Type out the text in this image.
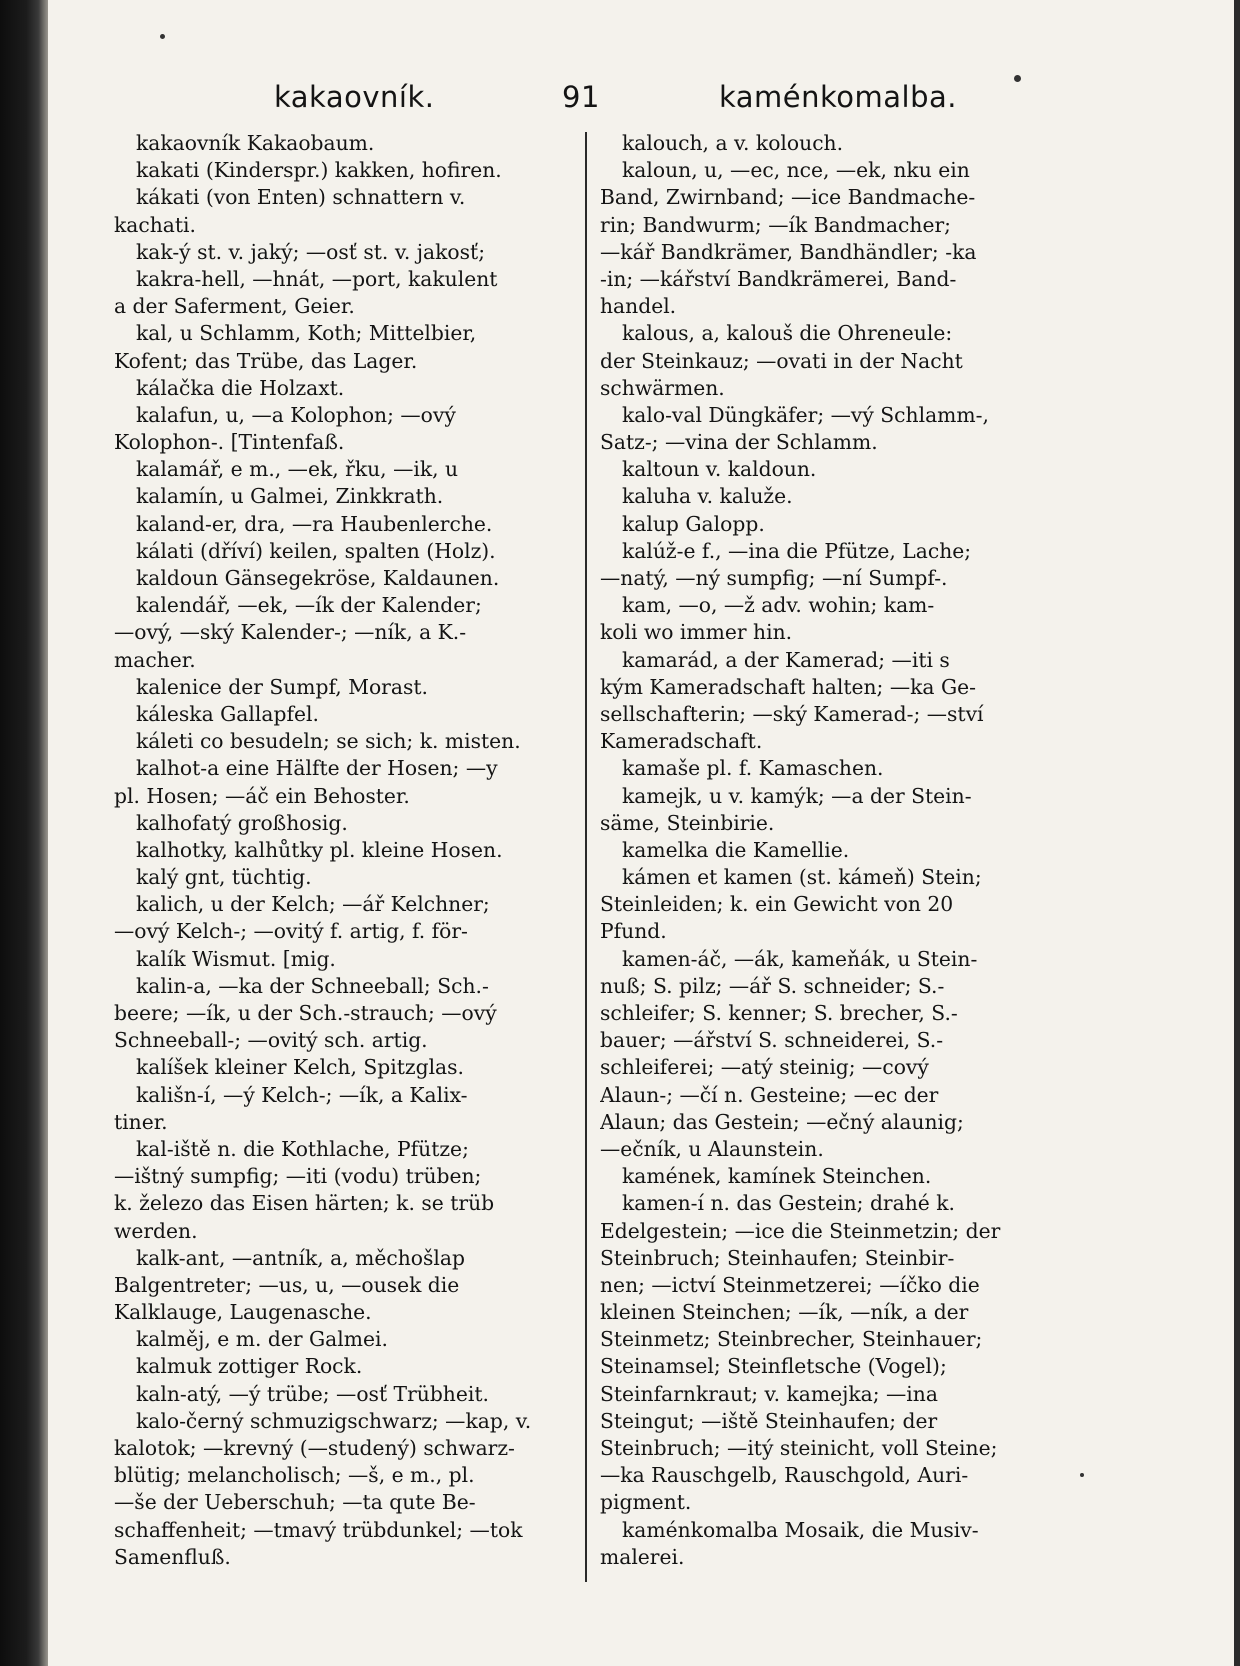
kakaovník.	91	kaménkomalba.
kakaovník Kakaobaum.
kakati (Kinderspr.) kakken, hofiren.
kákati (von Enten) schnattern v.
kachati.
kak-ý st. v. jaký; —osť st. v. jakosť;
kakra-hell, —hnát, —port, kakulent
a der Saferment, Geier.
kal, u Schlamm, Koth; Mittelbier,
Kofent; das Trübe, das Lager.
kálačka die Holzaxt.
kalafun, u, —a Kolophon; —ový
Kolophon-. [Tintenfaß.
kalamář, e m., —ek, řku, —ik, u
kalamín, u Galmei, Zinkkrath.
kaland-er, dra, —ra Haubenlerche.
kálati (dříví) keilen, spalten (Holz).
kaldoun Gänsegekröse, Kaldaunen.
kalendář, —ek, —ík der Kalender;
—ový, —ský Kalender-; —ník, a K.-
macher.
kalenice der Sumpf, Morast.
káleska Gallapfel.
káleti co besudeln; se sich; k. misten.
kalhot-a eine Hälfte der Hosen; —y
pl. Hosen; —áč ein Behoster.
kalhofatý großhosig.
kalhotky, kalhůtky pl. kleine Hosen.
kalý gnt, tüchtig.
kalich, u der Kelch; —ář Kelchner;
—ový Kelch-; —ovitý f. artig, f. för-
kalík Wismut. [mig.
kalin-a, —ka der Schneeball; Sch.-
beere; —ík, u der Sch.-strauch; —ový
Schneeball-; —ovitý sch. artig.
kalíšek kleiner Kelch, Spitzglas.
kališn-í, —ý Kelch-; —ík, a Kalix-
tiner.
kal-iště n. die Kothlache, Pfütze;
—ištný sumpfig; —iti (vodu) trüben;
k. železo das Eisen härten; k. se trüb
werden.
kalk-ant, —antník, a, měchošlap
Balgentreter; —us, u, —ousek die
Kalklauge, Laugenasche.
kalměj, e m. der Galmei.
kalmuk zottiger Rock.
kaln-atý, —ý trübe; —osť Trübheit.
kalo-černý schmuzigschwarz; —kap, v.
kalotok; —krevný (—studený) schwarz-
blütig; melancholisch; —š, e m., pl.
—še der Ueberschuh; —ta qute Be-
schaffenheit; —tmavý trübdunkel; —tok
Samenfluß.
kalouch, a v. kolouch.
kaloun, u, —ec, nce, —ek, nku ein
Band, Zwirnband; —ice Bandmache-
rin; Bandwurm; —ík Bandmacher;
—kář Bandkrämer, Bandhändler; -ka
-in; —kářství Bandkrämerei, Band-
handel.
kalous, a, kalouš die Ohreneule:
der Steinkauz; —ovati in der Nacht
schwärmen.
kalo-val Düngkäfer; —vý Schlamm-,
Satz-; —vina der Schlamm.
kaltoun v. kaldoun.
kaluha v. kaluže.
kalup Galopp.
kalúž-e f., —ina die Pfütze, Lache;
—natý, —ný sumpfig; —ní Sumpf-.
kam, —o, —ž adv. wohin; kam-
koli wo immer hin.
kamarád, a der Kamerad; —iti s
kým Kameradschaft halten; —ka Ge-
sellschafterin; —ský Kamerad-; —ství
Kameradschaft.
kamaše pl. f. Kamaschen.
kamejk, u v. kamýk; —a der Stein-
säme, Steinbirie.
kamelka die Kamellie.
kámen et kamen (st. kámeň) Stein;
Steinleiden; k. ein Gewicht von 20
Pfund.
kamen-áč, —ák, kameňák, u Stein-
nuß; S. pilz; —ář S. schneider; S.-
schleifer; S. kenner; S. brecher, S.-
bauer; —ářství S. schneiderei, S.-
schleiferei; —atý steinig; —cový
Alaun-; —čí n. Gesteine; —ec der
Alaun; das Gestein; —ečný alaunig;
—ečník, u Alaunstein.
kamének, kamínek Steinchen.
kamen-í n. das Gestein; drahé k.
Edelgestein; —ice die Steinmetzin; der
Steinbruch; Steinhaufen; Steinbir-
nen; —ictví Steinmetzerei; —íčko die
kleinen Steinchen; —ík, —ník, a der
Steinmetz; Steinbrecher, Steinhauer;
Steinamsel; Steinfletsche (Vogel);
Steinfarnkraut; v. kamejka; —ina
Steingut; —iště Steinhaufen; der
Steinbruch; —itý steinicht, voll Steine;
—ka Rauschgelb, Rauschgold, Auri-
pigment.
kaménkomalba Mosaik, die Musiv-
malerei.
